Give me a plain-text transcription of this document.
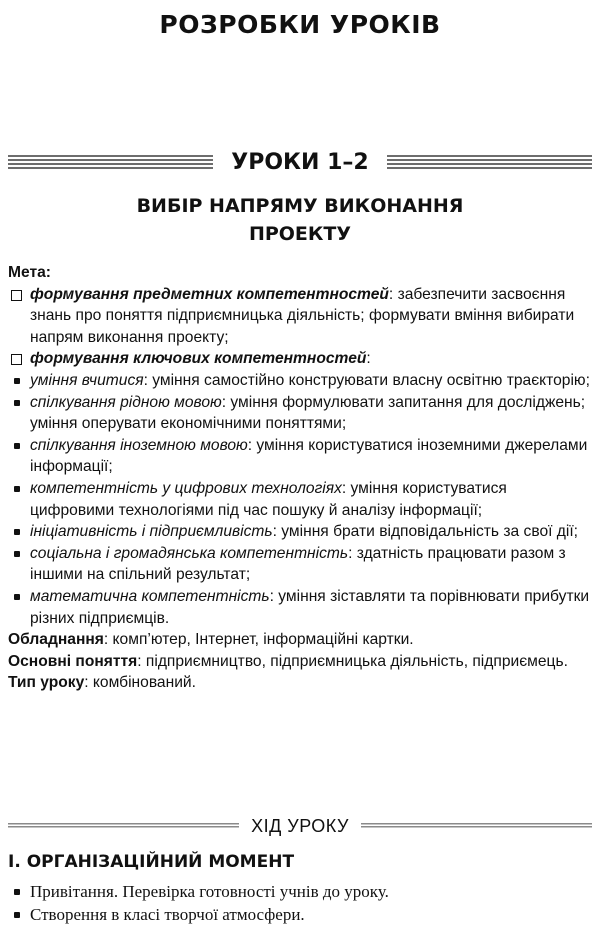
РОЗРОБКИ УРОКІВ
УРОКИ 1–2
ВИБІР НАПРЯМУ ВИКОНАННЯ
ПРОЕКТУ
Мета:
формування предметних компетентностей: забезпечити засвоєння знань про поняття підприємницька діяльність; формувати вміння вибирати напрям виконання проекту;
формування ключових компетентностей:
уміння вчитися: уміння самостійно конструювати власну освітню траєкторію;
спілкування рідною мовою: уміння формулювати запитання для досліджень; уміння оперувати економічними поняттями;
спілкування іноземною мовою: уміння користуватися іноземними джерелами інформації;
компетентність у цифрових технологіях: уміння користуватися цифровими технологіями під час пошуку й аналізу інформації;
ініціативність і підприємливість: уміння брати відповідальність за свої дії;
соціальна і громадянська компетентність: здатність працювати разом з іншими на спільний результат;
математична компетентність: уміння зіставляти та порівнювати прибутки різних підприємців.
Обладнання: комп’ютер, Інтернет, інформаційні картки.
Основні поняття: підприємництво, підприємницька діяльність, підприємець.
Тип уроку: комбінований.
ХІД УРОКУ
I. ОРГАНІЗАЦІЙНИЙ МОМЕНТ
Привітання. Перевірка готовності учнів до уроку.
Створення в класі творчої атмосфери.
